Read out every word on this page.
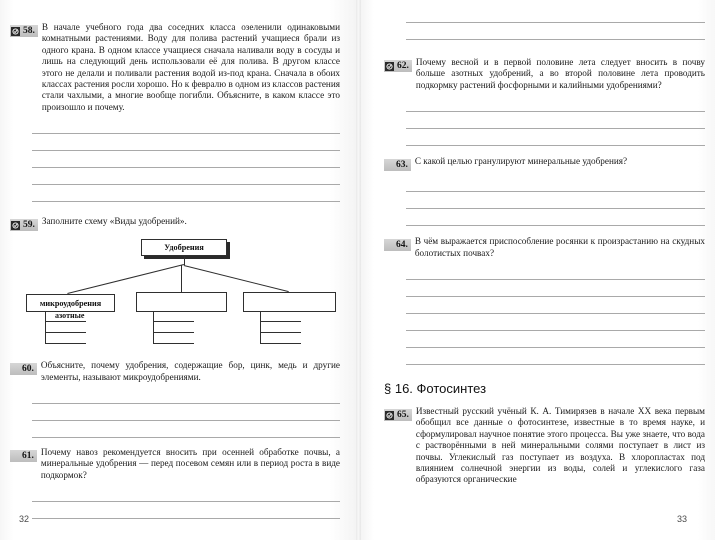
58. В начале учебного года два соседних класса озеленили одинаковыми комнатными растениями. Воду для полива растений учащиеся брали из одного крана. В одном классе учащиеся сначала наливали воду в сосуды и лишь на следующий день использовали её для полива. В другом классе этого не делали и поливали растения водой из-под крана. Сначала в обоих классах растения росли хорошо. Но к февралю в одном из классов растения стали чахлыми, а многие вообще погибли. Объясните, в каком классе это произошло и почему.
59. Заполните схему «Виды удобрений».
Удобрения
микроудобрения
азотные
60. Объясните, почему удобрения, содержащие бор, цинк, медь и другие элементы, называют микроудобрениями.
61. Почему навоз рекомендуется вносить при осенней обработке почвы, а минеральные удобрения — перед посевом семян или в период роста в виде подкормок?
32
62. Почему весной и в первой половине лета следует вносить в почву больше азотных удобрений, а во второй половине лета проводить подкормку растений фосфорными и калийными удобрениями?
63. С какой целью гранулируют минеральные удобрения?
64. В чём выражается приспособление росянки к произрастанию на скудных болотистых почвах?
§ 16. Фотосинтез
65. Известный русский учёный К. А. Тимирязев в начале XX века первым обобщил все данные о фотосинтезе, известные в то время науке, и сформулировал научное понятие этого процесса. Вы уже знаете, что вода с растворёнными в ней минеральными солями поступает в лист из почвы. Углекислый газ поступает из воздуха. В хлоропластах под влиянием солнечной энергии из воды, солей и углекислого газа образуются органические
33
